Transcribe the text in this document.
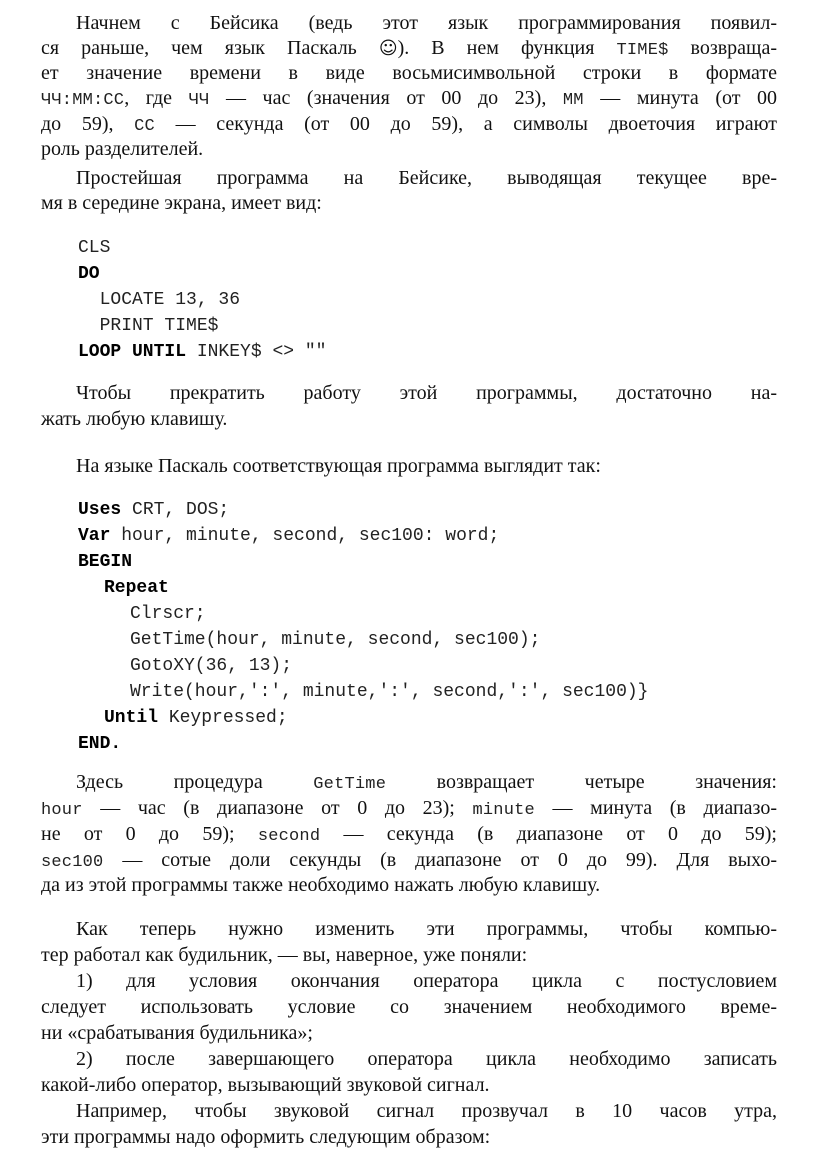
Начнем с Бейсика (ведь этот язык программирования появил-
ся раньше, чем язык Паскаль ☺). В нем функция TIME$ возвраща-
ет значение времени в виде восьмисимвольной строки в формате
ЧЧ:ММ:СС, где ЧЧ — час (значения от 00 до 23), ММ — минута (от 00
до 59), СС — секунда (от 00 до 59), а символы двоеточия играют
роль разделителей.
Простейшая программа на Бейсике, выводящая текущее вре-
мя в середине экрана, имеет вид:
CLS
DO
LOCATE 13, 36
PRINT TIME$
LOOP UNTIL INKEY$ <> ""
Чтобы прекратить работу этой программы, достаточно на-
жать любую клавишу.
На языке Паскаль соответствующая программа выглядит так:
Uses CRT, DOS;
Var hour, minute, second, sec100: word;
BEGIN
Repeat
Clrscr;
GetTime(hour, minute, second, sec100);
GotoXY(36, 13);
Write(hour,':', minute,':', second,':', sec100)}
Until Keypressed;
END.
Здесь процедура GetTime возвращает четыре значения:
hour — час (в диапазоне от 0 до 23); minute — минута (в диапазо-
не от 0 до 59); second — секунда (в диапазоне от 0 до 59);
sec100 — сотые доли секунды (в диапазоне от 0 до 99). Для выхо-
да из этой программы также необходимо нажать любую клавишу.
Как теперь нужно изменить эти программы, чтобы компью-
тер работал как будильник, — вы, наверное, уже поняли:
1) для условия окончания оператора цикла с постусловием
следует использовать условие со значением необходимого време-
ни «срабатывания будильника»;
2) после завершающего оператора цикла необходимо записать
какой-либо оператор, вызывающий звуковой сигнал.
Например, чтобы звуковой сигнал прозвучал в 10 часов утра,
эти программы надо оформить следующим образом:
